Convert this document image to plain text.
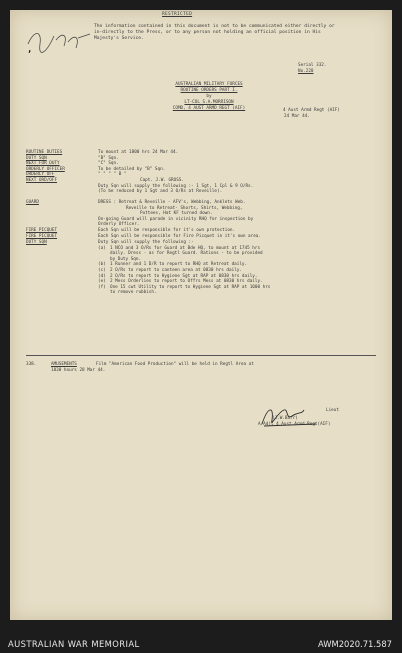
,
RESTRICTED
The information contained in this document is not to be communicated either directly or in-directly to the Press, or to any person not holding an official position in His Majesty's Service.
Serial 332.
No.220
AUSTRALIAN MILITARY FORCES
ROUTINE ORDERS PART I.
by
LT-COL S.A.MORRISON
COMD, 4 AUST ARMD REGT (AIF)	4 Aust Armd Regt (AIF)
24 Mar 44.
ROUTINE DUTIES	To mount at 1800 hrs 24 Mar 44.
DUTY SQN	"B" Sqn.
NEXT FOR DUTY	"C" Sqn.
ORDERLY OFFICER	To be detailed by "B" Sqn.
ORDERLY OFF	" " " " B "
NEXT ORD/OFF	Capt. J.W. GROSS.
Duty Sqn will supply the following :- 1 Sgt, 1 Cpl & 9 O/Rs.
(To be reduced by 1 Sgt and 3 O/Rs at Reveille).
GUARD	DRESS : Retreat & Reveille - AFV's, Webbing, Anklets Web.
Reveille to Retreat- Shorts, Shirts, Webbing,
Puttees, Hat KF turned down.
On-going Guard will parade in vicinity RHQ for inspection by
Orderly Officer.
FIRE PICQUET	Each Sqn will be responsible for it's own protection.
FIRE PICQUET	Each Sqn will be responsible for Fire Picquet in it's own area.
DUTY SQN	Duty Sqn will supply the following :-
(a) 1 NCO and 3 O/Rs for Guard at Bde HQ, to mount at 1745 hrs
daily. Dress - as for Regtl Guard. Rations - to be provided
by Duty Sqn.
(b) 1 Runner and 1 D/R to report to RHQ at Retreat daily.
(c) 2 O/Rs to report to canteen area at 0830 hrs daily.
(d) 2 O/Rs to report to Hygiene Sgt at RAP at 0830 hrs daily.
(e) 2 Mess Orderlies to report to Offrs Mess at 0830 hrs daily.
(f) One 15 cwt Utility to report to Hygiene Sgt at RAP at 1000 hrs
to remove rubbish.
338.	AMUSEMENTS	Film "American Food Production" will be held in Regtl Area at
1830 hours 28 Mar 44.
(J.W.Barr)
A/Adjt 4 Aust Armd Regt(AIF)
Lieut
AUSTRALIAN WAR MEMORIAL	AWM2020.71.587
